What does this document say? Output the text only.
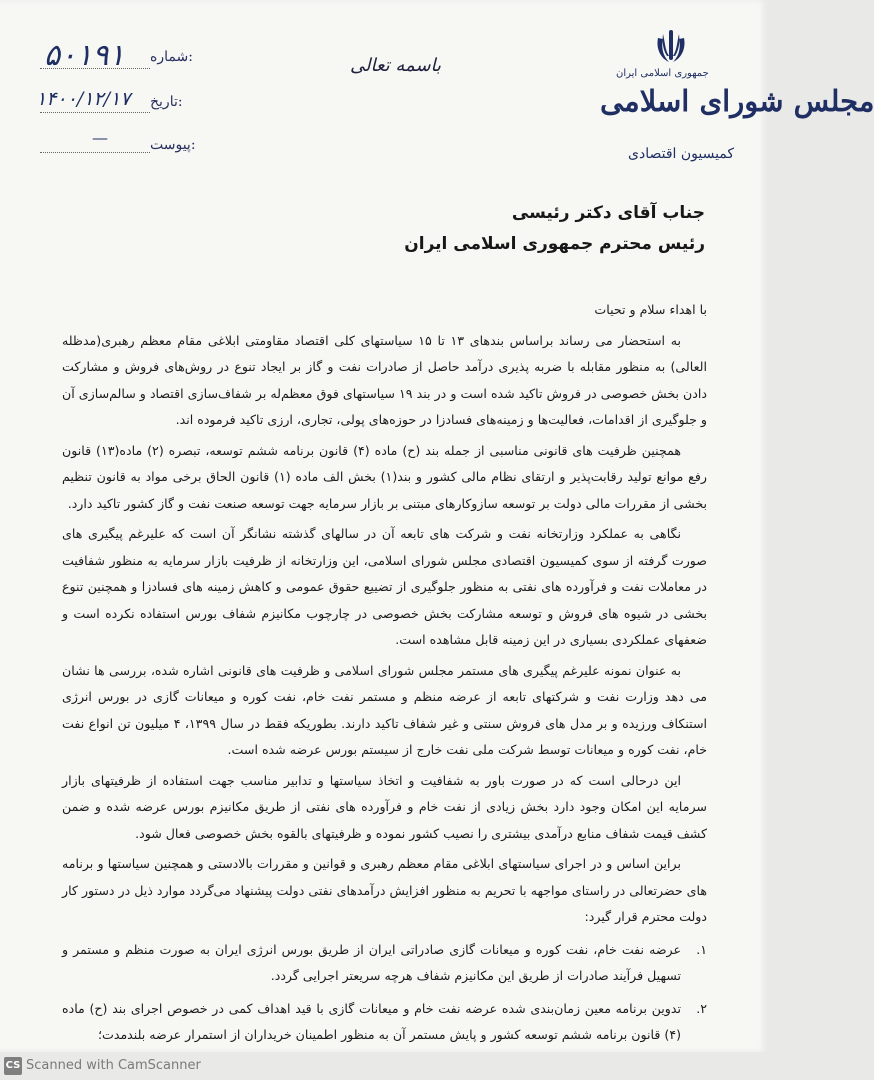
شماره:
۵۰۱۹۱
تاریخ:
۱۴۰۰/۱۲/۱۷
پیوست:
—
باسمه تعالی	جمهوری اسلامی ایران
مجلس شورای اسلامی
کمیسیون اقتصادی
جناب آقای دکتر رئیسی
رئیس محترم جمهوری اسلامی ایران

با اهداء سلام و تحیات

به استحضار می رساند براساس بندهای ۱۳ تا ۱۵ سیاستهای کلی اقتصاد مقاومتی ابلاغی مقام معظم رهبری(مدظله العالی) به منظور مقابله با ضربه پذیری درآمد حاصل از صادرات نفت و گاز بر ایجاد تنوع در روش‌های فروش و مشارکت دادن بخش خصوصی در فروش تاکید شده است و در بند ۱۹ سیاستهای فوق معظم‌له بر شفاف‌سازی اقتصاد و سالم‌سازی آن و جلوگیری از اقدامات، فعالیت‌ها و زمینه‌های فسادزا در حوزه‌های پولی، تجاری، ارزی تاکید فرموده اند.

همچنین ظرفیت های قانونی مناسبی از جمله بند (ح) ماده (۴) قانون برنامه ششم توسعه، تبصره (۲) ماده(۱۳) قانون رفع موانع تولید رقابت‌پذیر و ارتقای نظام مالی کشور و بند(۱) بخش الف ماده (۱) قانون الحاق برخی مواد به قانون تنظیم بخشی از مقررات مالی دولت بر توسعه سازوکارهای مبتنی بر بازار سرمایه جهت توسعه صنعت نفت و گاز کشور تاکید دارد.

نگاهی به عملکرد وزارتخانه نفت و شرکت های تابعه آن در سالهای گذشته نشانگر آن است که علیرغم پیگیری های صورت گرفته از سوی کمیسیون اقتصادی مجلس شورای اسلامی، این وزارتخانه از ظرفیت بازار سرمایه به منظور شفافیت در معاملات نفت و فرآورده های نفتی به منظور جلوگیری از تضییع حقوق عمومی و کاهش زمینه های فسادزا و همچنین تنوع بخشی در شیوه های فروش و توسعه مشارکت بخش خصوصی در چارچوب مکانیزم شفاف بورس استفاده نکرده است و ضعفهای عملکردی بسیاری در این زمینه قابل مشاهده است.

به عنوان نمونه علیرغم پیگیری های مستمر مجلس شورای اسلامی و ظرفیت های قانونی اشاره شده، بررسی ها نشان می دهد وزارت نفت و شرکتهای تابعه از عرضه منظم و مستمر نفت خام، نفت کوره و میعانات گازی در بورس انرژی استنکاف ورزیده و بر مدل های فروش سنتی و غیر شفاف تاکید دارند. بطوریکه فقط در سال ۱۳۹۹، ۴ میلیون تن انواع نفت خام، نفت کوره و میعانات توسط شرکت ملی نفت خارج از سیستم بورس عرضه شده است.

این درحالی است که در صورت باور به شفافیت و اتخاذ سیاستها و تدابیر مناسب جهت استفاده از ظرفیتهای بازار سرمایه این امکان وجود دارد بخش زیادی از نفت خام و فرآورده های نفتی از طریق مکانیزم بورس عرضه شده و ضمن کشف قیمت شفاف منابع درآمدی بیشتری را نصیب کشور نموده و ظرفیتهای بالقوه بخش خصوصی فعال شود.

براین اساس و در اجرای سیاستهای ابلاغی مقام معظم رهبری و قوانین و مقررات بالادستی و همچنین سیاستها و برنامه های حضرتعالی در راستای مواجهه با تحریم به منظور افزایش درآمدهای نفتی دولت پیشنهاد می‌گردد موارد ذیل در دستور کار دولت محترم قرار گیرد:

۱.
عرضه نفت خام، نفت کوره و میعانات گازی صادراتی ایران از طریق بورس انرژی ایران به صورت منظم و مستمر و تسهیل فرآیند صادرات از طریق این مکانیزم شفاف هرچه سریعتر اجرایی گردد.

۲.
تدوین برنامه معین زمان‌بندی شده عرضه نفت خام و میعانات گازی با قید اهداف کمی در خصوص اجرای بند (ح) ماده (۴) قانون برنامه ششم توسعه کشور و پایش مستمر آن به منظور اطمینان خریداران از استمرار عرضه بلندمدت؛

CS Scanned with CamScanner
